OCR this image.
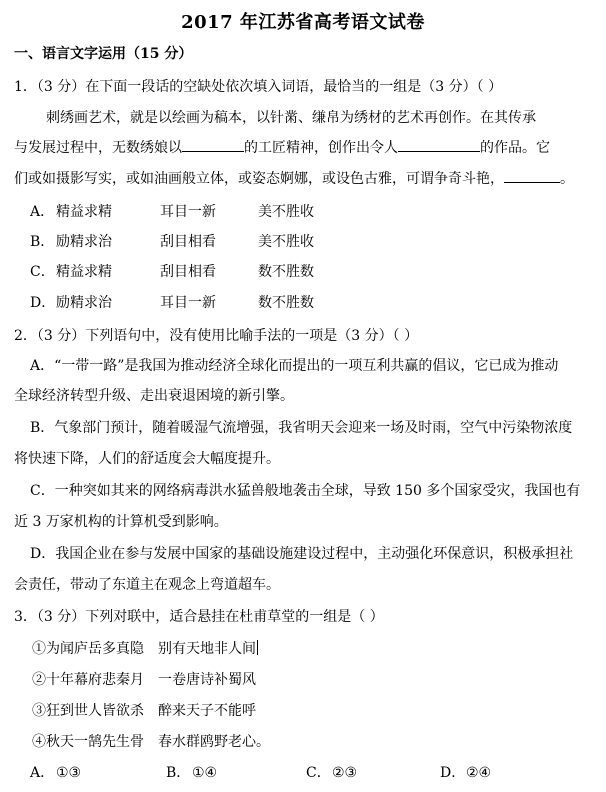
2017 年江苏省高考语文试卷
一、语言文字运用（15 分）
1．（3 分）在下面一段话的空缺处依次填入词语，最恰当的一组是（3 分）（ ）
刺绣画艺术，就是以绘画为稿本，以针黹、缣帛为绣材的艺术再创作。在其传承
与发展过程中，无数绣娘以	的工匠精神，创作出令人	的作品。它
们或如摄影写实，或如油画般立体，或姿态婀娜，或设色古雅，可谓争奇斗艳，	。
A． 精益求精	耳目一新	美不胜收
B． 励精求治	刮目相看	美不胜收
C． 精益求精	刮目相看	数不胜数
D． 励精求治	耳目一新	数不胜数
2．（3 分）下列语句中，没有使用比喻手法的一项是（3 分）（ ）
A．“一带一路”是我国为推动经济全球化而提出的一项互利共赢的倡议，它已成为推动
全球经济转型升级、走出衰退困境的新引擎。
B．气象部门预计，随着暖湿气流增强，我省明天会迎来一场及时雨，空气中污染物浓度
将快速下降，人们的舒适度会大幅度提升。
C．一种突如其来的网络病毒洪水猛兽般地袭击全球，导致 150 多个国家受灾，我国也有
近 3 万家机构的计算机受到影响。
D．我国企业在参与发展中国家的基础设施建设过程中，主动强化环保意识，积极承担社
会责任，带动了东道主在观念上弯道超车。
3．（3 分）下列对联中，适合悬挂在杜甫草堂的一组是（ ）
①为闻庐岳多真隐　别有天地非人间
②十年幕府悲秦月　一卷唐诗补蜀风
③狂到世人皆欲杀　醉来天子不能呼
④秋天一鹄先生骨　春水群鸥野老心。
A． ①③	B． ①④	C． ②③	D． ②④
